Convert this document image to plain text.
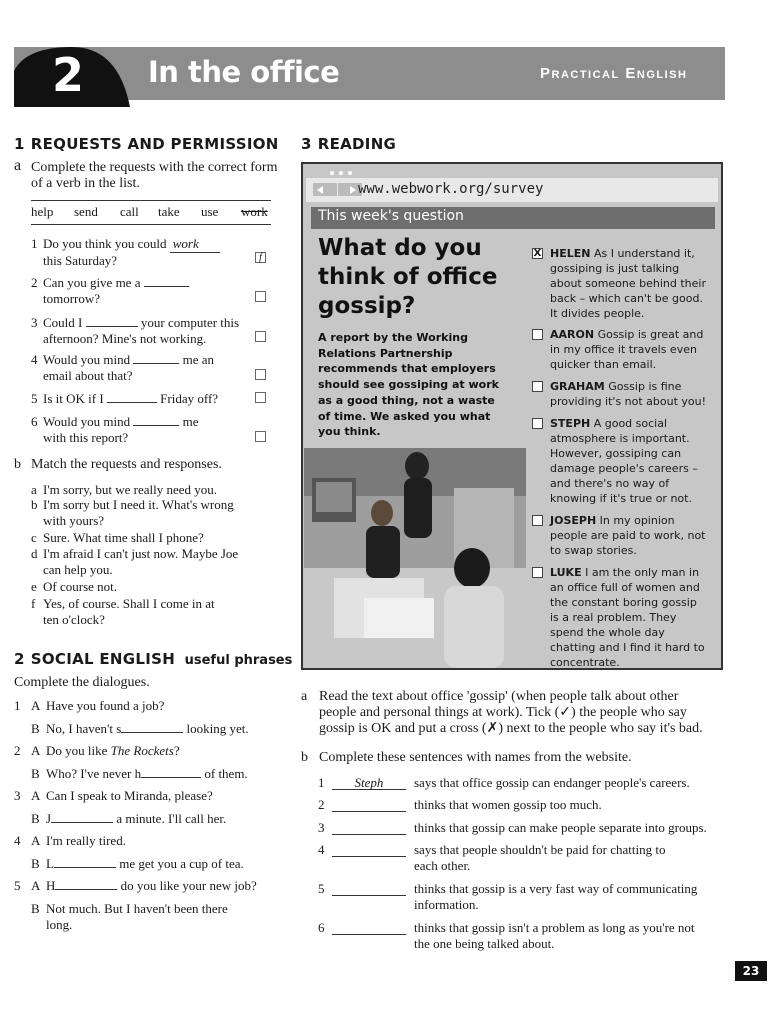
2 In the office	Practical English
1 REQUESTS AND PERMISSION
a Complete the requests with the correct form of a verb in the list.
help send call take use work
1 Do you think you could work
this Saturday?	f
2 Can you give me a
tomorrow?
3 Could I	your computer this
afternoon? Mine's not working.
4 Would you mind	me an
email about that?
5 Is it OK if I	Friday off?
6 Would you mind	me
with this report?
b Match the requests and responses.
a I'm sorry, but we really need you.
b I'm sorry but I need it. What's wrong
with yours?
c Sure. What time shall I phone?
d I'm afraid I can't just now. Maybe Joe
can help you.
e Of course not.
f Yes, of course. Shall I come in at
ten o'clock?
2 SOCIAL ENGLISH useful phrases
Complete the dialogues.
1 A Have you found a job?
B No, I haven't s	looking yet.
2 A Do you like The Rockets?
B Who? I've never h	of them.
3 A Can I speak to Miranda, please?
B J	a minute. I'll call her.
4 A I'm really tired.
B L	me get you a cup of tea.
5 A H	do you like your new job?
B Not much. But I haven't been there
long.
3 READING
www.webwork.org/survey
This week's question
What do you think of office gossip?
A report by the Working Relations Partnership recommends that employers should see gossiping at work as a good thing, not a waste of time. We asked you what you think.
X HELEN As I understand it, gossiping is just talking about someone behind their back – which can't be good. It divides people.
AARON Gossip is great and in my office it travels even quicker than email.
GRAHAM Gossip is fine providing it's not about you!
STEPH A good social atmosphere is important. However, gossiping can damage people's careers – and there's no way of knowing if it's true or not.
JOSEPH In my opinion people are paid to work, not to swap stories.
LUKE I am the only man in an office full of women and the constant boring gossip is a real problem. They spend the whole day chatting and I find it hard to concentrate.
a Read the text about office 'gossip' (when people talk about other
people and personal things at work). Tick (✓) the people who say
gossip is OK and put a cross (✗) next to the people who say it's bad.
b Complete these sentences with names from the website.
1	Steph	says that office gossip can endanger people's careers.
2	thinks that women gossip too much.
3	thinks that gossip can make people separate into groups.
4	says that people shouldn't be paid for chatting to
each other.
5	thinks that gossip is a very fast way of communicating
information.
6	thinks that gossip isn't a problem as long as you're not
the one being talked about.
23
